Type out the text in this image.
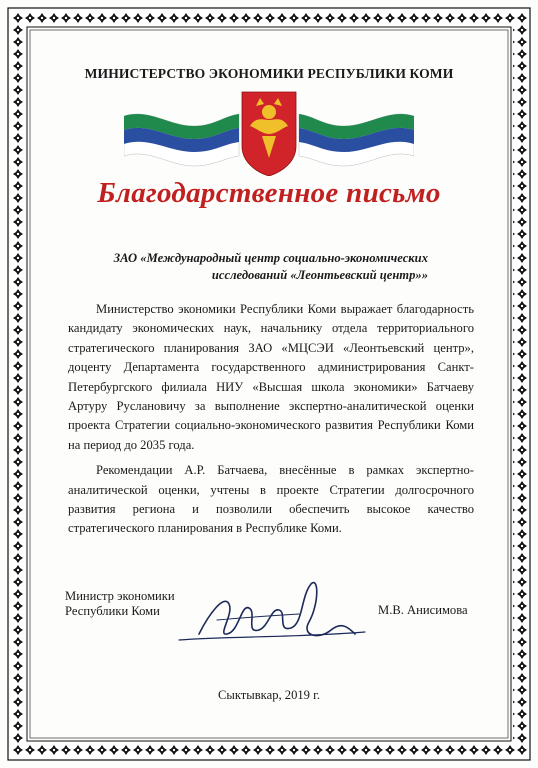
МИНИСТЕРСТВО ЭКОНОМИКИ РЕСПУБЛИКИ КОМИ
Благодарственное письмо
ЗАО «Международный центр социально-экономических
исследований «Леонтьевский центр»»

Министерство экономики Республики Коми выражает благодарность кандидату экономических наук, начальнику отдела территориального стратегического планирования ЗАО «МЦСЭИ «Леонтьевский центр», доценту Департамента государственного администрирования Санкт-Петербургского филиала НИУ «Высшая школа экономики» Батчаеву Артуру Руслановичу за выполнение экспертно-аналитической оценки проекта Стратегии социально-экономического развития Республики Коми на период до 2035 года.

Рекомендации А.Р. Батчаева, внесённые в рамках экспертно-аналитической оценки, учтены в проекте Стратегии долгосрочного развития региона и позволили обеспечить высокое качество стратегического планирования в Республике Коми.

Министр экономики
Республики Коми	М.В. Анисимова
Сыктывкар, 2019 г.
